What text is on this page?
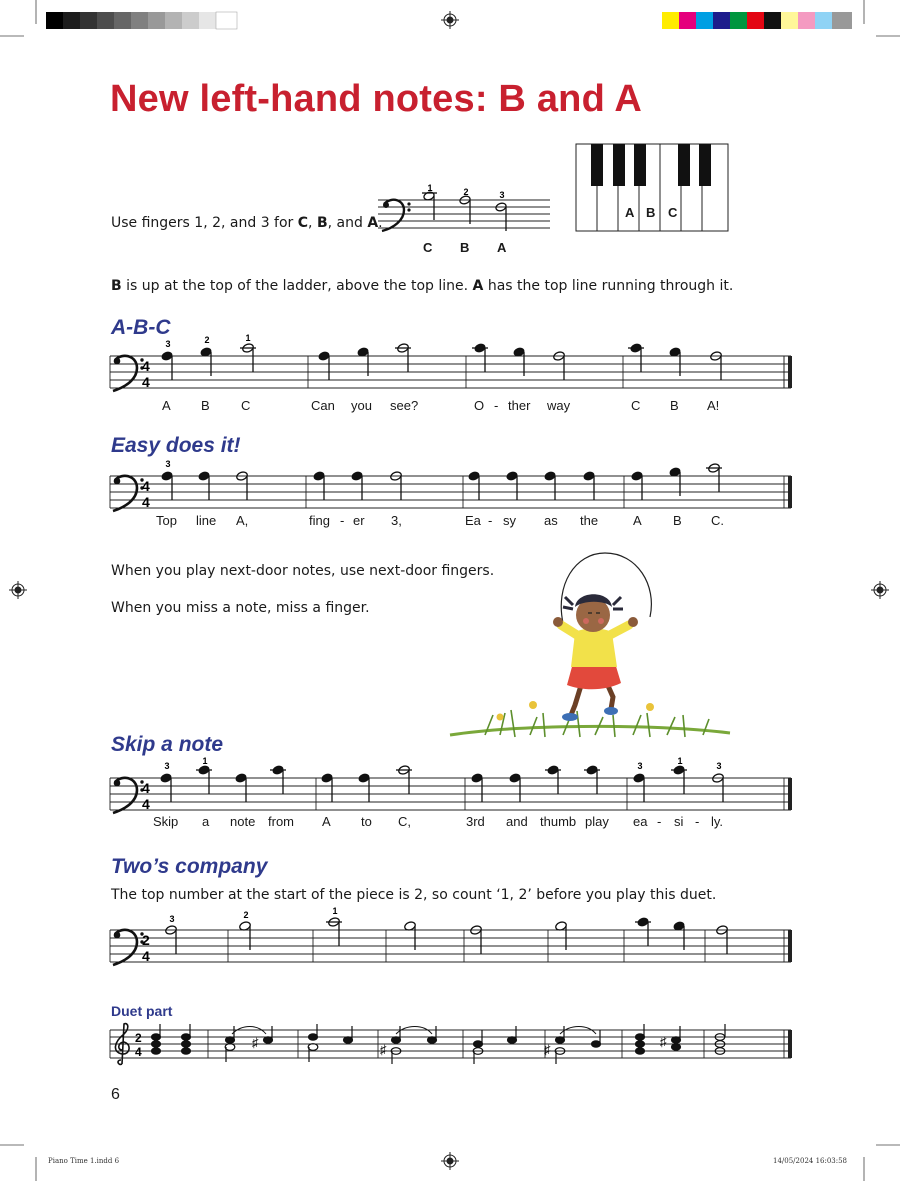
New left-hand notes: B and A
Use fingers 1, 2, and 3 for C, B, and A.
1	2	3
C B A
A B C
B is up at the top of the ladder, above the top line. A has the top line running through it.
A-B-C
4
4
3	2	1
A B C	Can you see?	O - ther way	C B A!
Easy does it!
4
4
3
Top line A,	fing - er 3,	Ea - sy as the	A B C.
When you play next-door notes, use next-door fingers.
When you miss a note, miss a finger.
Skip a note
4
4
3	1	3	1	3
Skip a note from A to C,	3rd and thumb play ea - si - ly.
Two’s company
The top number at the start of the piece is 2, so count ‘1, 2’ before you play this duet.
2
4
3	2	1
Duet part
2
4
♯	♯	♯
♯
6
Piano Time 1.indd 6	14/05/2024 16:03:58
